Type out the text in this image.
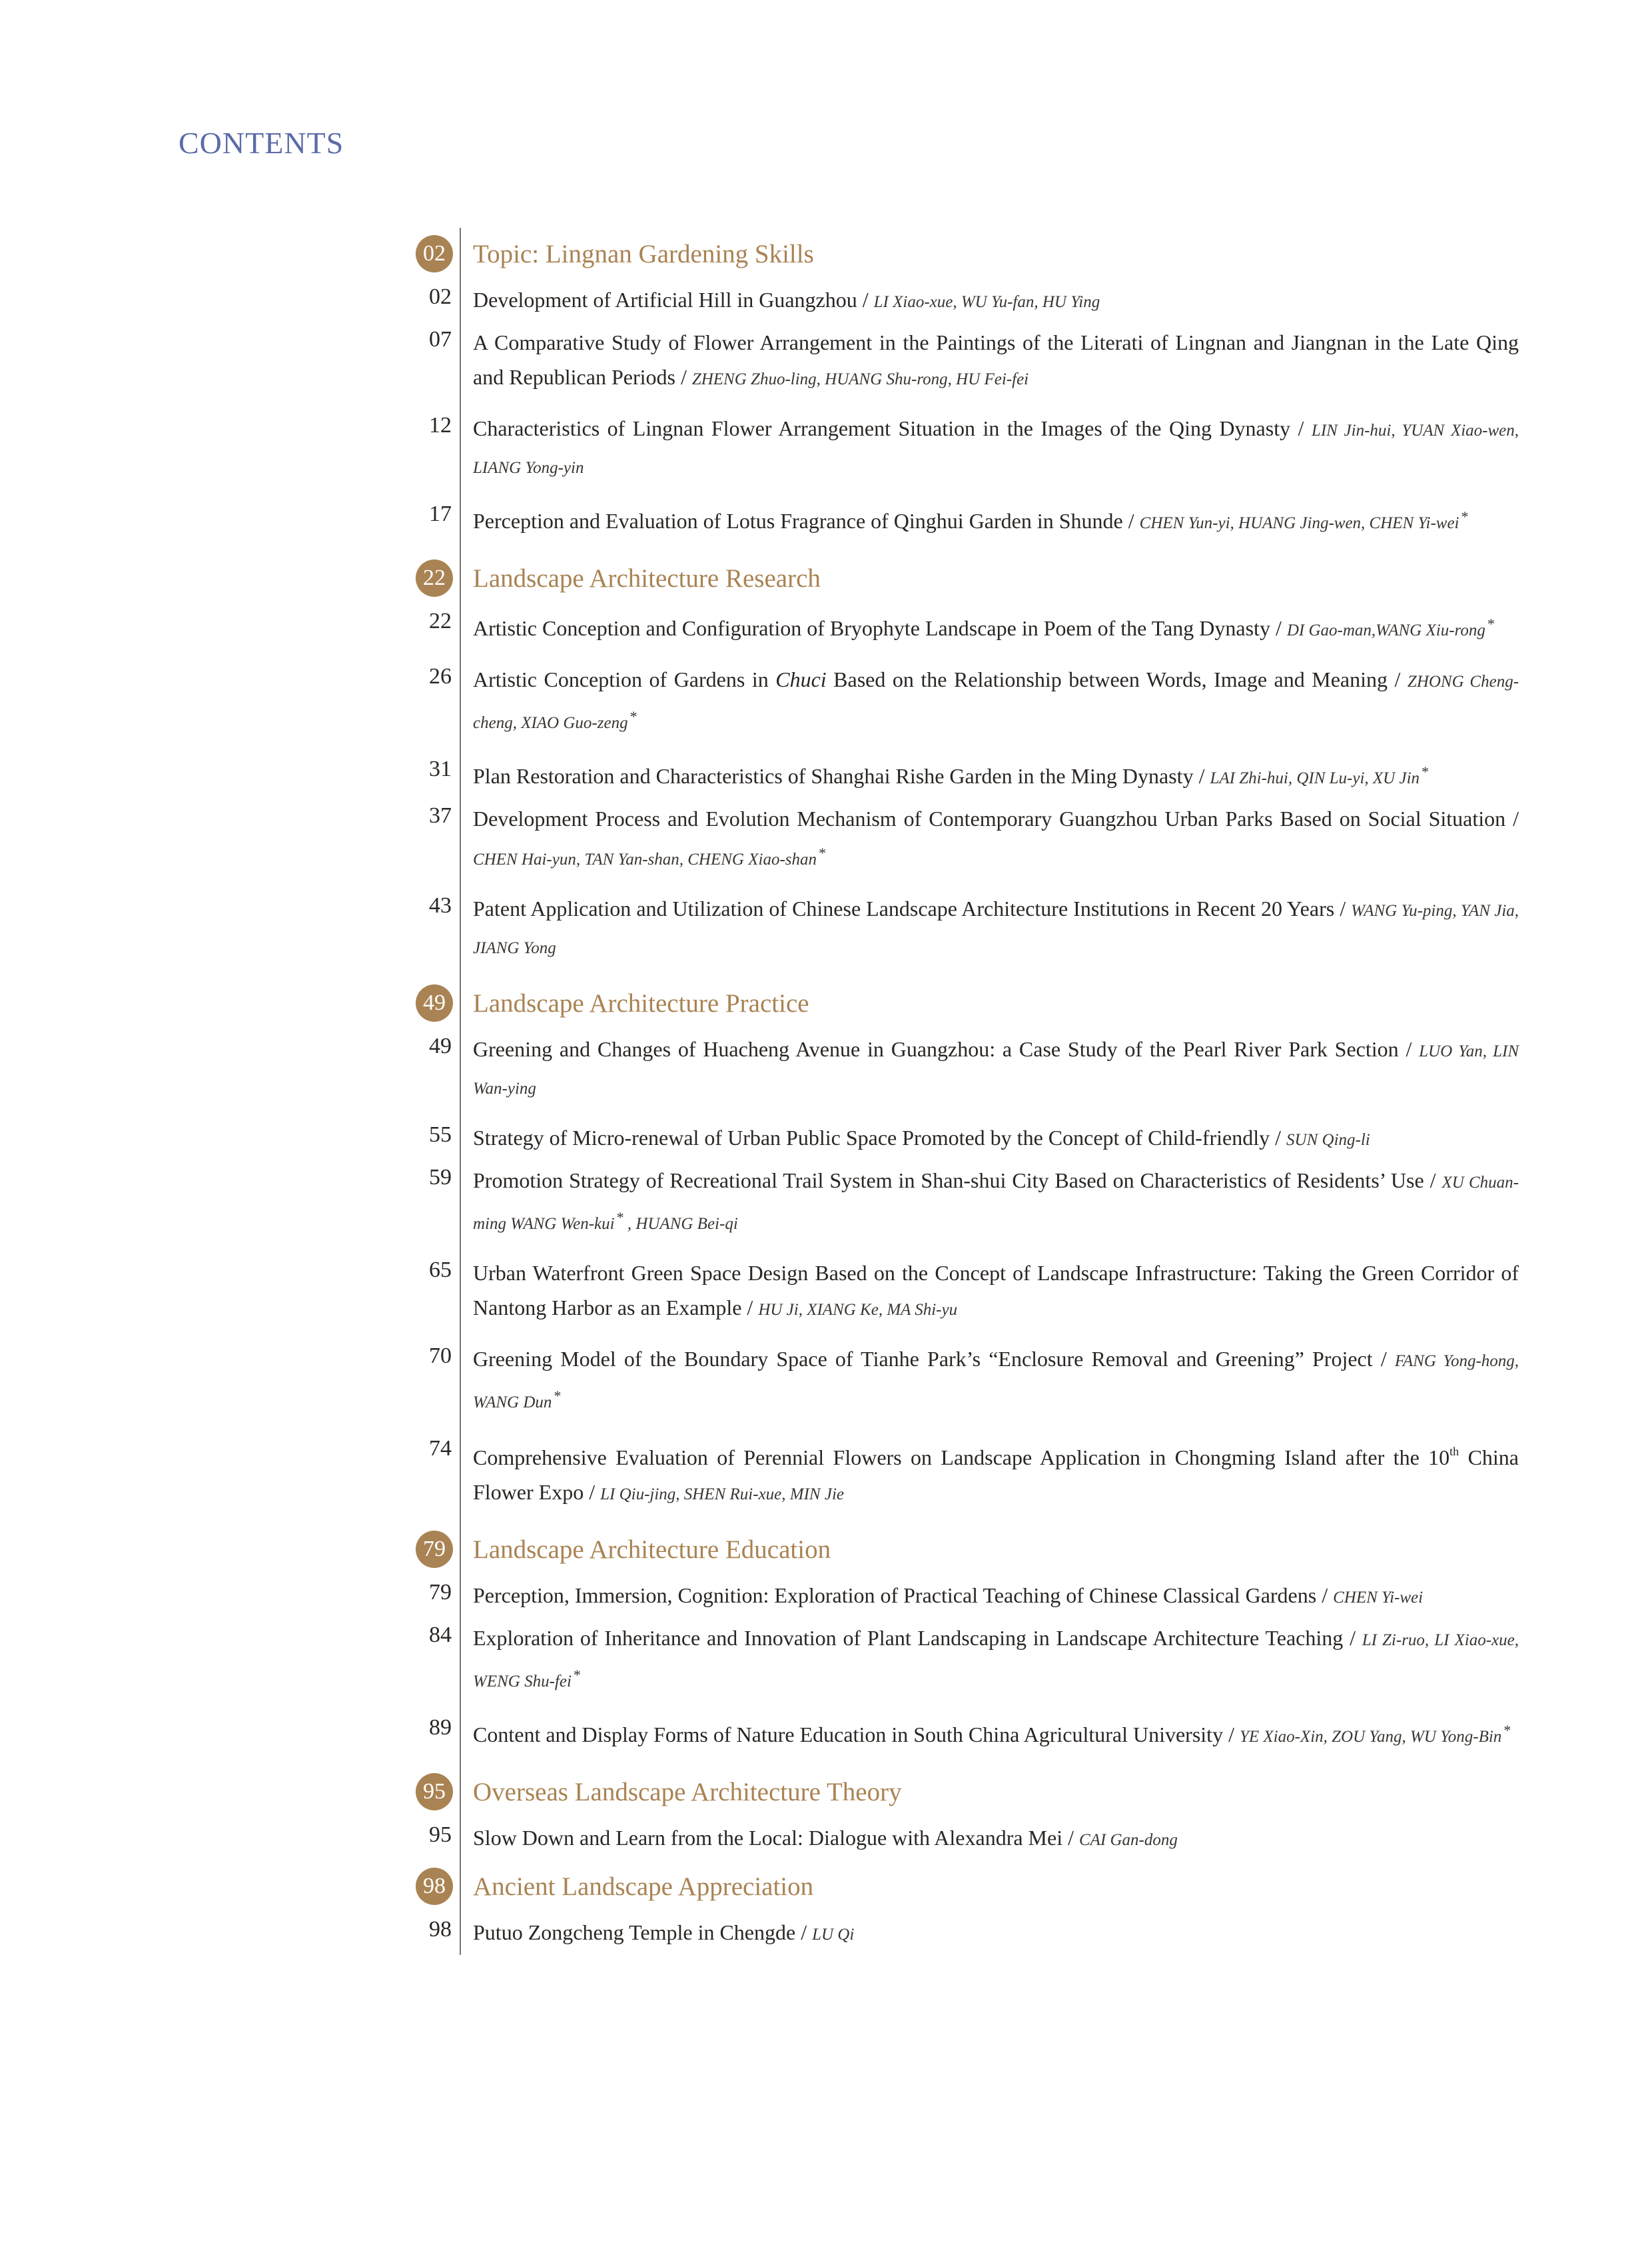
CONTENTS
02	Topic: Lingnan Gardening Skills
02	Development of Artificial Hill in Guangzhou / LI Xiao-xue, WU Yu-fan, HU Ying
07	A Comparative Study of Flower Arrangement in the Paintings of the Literati of Lingnan and Jiangnan in the Late Qing and Republican Periods / ZHENG Zhuo-ling, HUANG Shu-rong, HU Fei-fei
12	Characteristics of Lingnan Flower Arrangement Situation in the Images of the Qing Dynasty / LIN Jin-hui, YUAN Xiao-wen, LIANG Yong-yin
17	Perception and Evaluation of Lotus Fragrance of Qinghui Garden in Shunde / CHEN Yun-yi, HUANG Jing-wen, CHEN Yi-wei*
22	Landscape Architecture Research
22	Artistic Conception and Configuration of Bryophyte Landscape in Poem of the Tang Dynasty / DI Gao-man,WANG Xiu-rong*
26	Artistic Conception of Gardens in Chuci Based on the Relationship between Words, Image and Meaning / ZHONG Cheng-cheng, XIAO Guo-zeng*
31	Plan Restoration and Characteristics of Shanghai Rishe Garden in the Ming Dynasty / LAI Zhi-hui, QIN Lu-yi, XU Jin*
37	Development Process and Evolution Mechanism of Contemporary Guangzhou Urban Parks Based on Social Situation / CHEN Hai-yun, TAN Yan-shan, CHENG Xiao-shan*
43	Patent Application and Utilization of Chinese Landscape Architecture Institutions in Recent 20 Years / WANG Yu-ping, YAN Jia, JIANG Yong
49	Landscape Architecture Practice
49	Greening and Changes of Huacheng Avenue in Guangzhou: a Case Study of the Pearl River Park Section / LUO Yan, LIN Wan-ying
55	Strategy of Micro-renewal of Urban Public Space Promoted by the Concept of Child-friendly / SUN Qing-li
59	Promotion Strategy of Recreational Trail System in Shan-shui City Based on Characteristics of Residents’ Use / XU Chuan-ming WANG Wen-kui* , HUANG Bei-qi
65	Urban Waterfront Green Space Design Based on the Concept of Landscape Infrastructure: Taking the Green Corridor of Nantong Harbor as an Example / HU Ji, XIANG Ke, MA Shi-yu
70	Greening Model of the Boundary Space of Tianhe Park’s “Enclosure Removal and Greening” Project / FANG Yong-hong, WANG Dun*
74	Comprehensive Evaluation of Perennial Flowers on Landscape Application in Chongming Island after the 10th China Flower Expo / LI Qiu-jing, SHEN Rui-xue, MIN Jie
79	Landscape Architecture Education
79	Perception, Immersion, Cognition: Exploration of Practical Teaching of Chinese Classical Gardens / CHEN Yi-wei
84	Exploration of Inheritance and Innovation of Plant Landscaping in Landscape Architecture Teaching / LI Zi-ruo, LI Xiao-xue, WENG Shu-fei*
89	Content and Display Forms of Nature Education in South China Agricultural University / YE Xiao-Xin, ZOU Yang, WU Yong-Bin*
95	Overseas Landscape Architecture Theory
95	Slow Down and Learn from the Local: Dialogue with Alexandra Mei / CAI Gan-dong
98	Ancient Landscape Appreciation
98	Putuo Zongcheng Temple in Chengde / LU Qi
